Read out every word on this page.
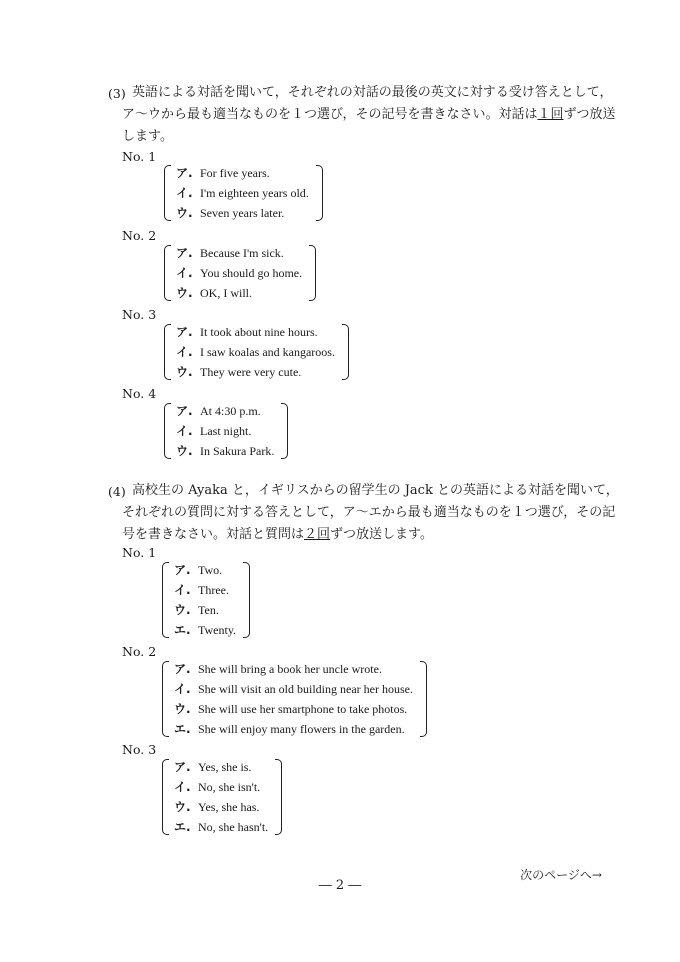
(3) 英語による対話を聞いて，それぞれの対話の最後の英文に対する受け答えとして，
ア～ウから最も適当なものを１つ選び，その記号を書きなさい。対話は１回ずつ放送
します。
No. 1
ア. For five years.
イ. I'm eighteen years old.
ウ. Seven years later.
No. 2
ア. Because I'm sick.
イ. You should go home.
ウ. OK, I will.
No. 3
ア. It took about nine hours.
イ. I saw koalas and kangaroos.
ウ. They were very cute.
No. 4
ア. At 4:30 p.m.
イ. Last night.
ウ. In Sakura Park.
(4) 高校生の Ayaka と，イギリスからの留学生の Jack との英語による対話を聞いて，
それぞれの質問に対する答えとして，ア～エから最も適当なものを１つ選び，その記
号を書きなさい。対話と質問は２回ずつ放送します。
No. 1
ア. Two.
イ. Three.
ウ. Ten.
エ. Twenty.
No. 2
ア. She will bring a book her uncle wrote.
イ. She will visit an old building near her house.
ウ. She will use her smartphone to take photos.
エ. She will enjoy many flowers in the garden.
No. 3
ア. Yes, she is.
イ. No, she isn't.
ウ. Yes, she has.
エ. No, she hasn't.
次のページへ→
― 2 ―
